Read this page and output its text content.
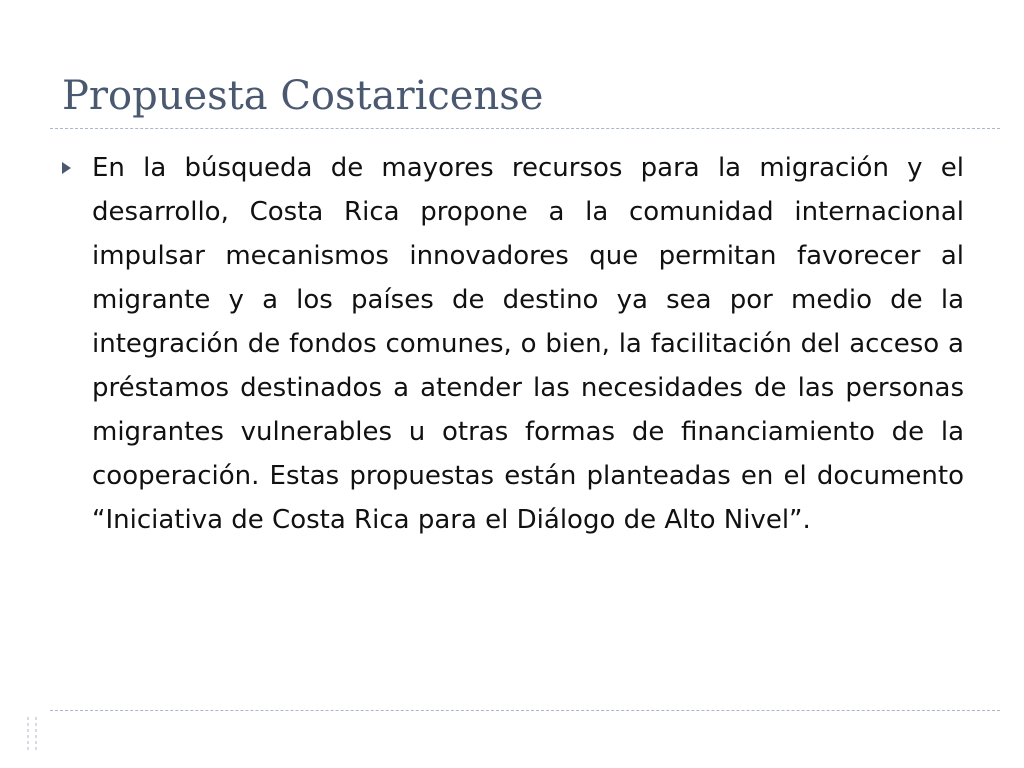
Propuesta Costaricense

En la búsqueda de mayores recursos para la migración y el desarrollo, Costa Rica propone a la comunidad internacional impulsar mecanismos innovadores que permitan favorecer al migrante y a los países de destino ya sea por medio de la integración de fondos comunes, o bien, la facilitación del acceso a préstamos destinados a atender las necesidades de las personas migrantes vulnerables u otras formas de financiamiento de la cooperación. Estas propuestas están planteadas en el documento “Iniciativa de Costa Rica para el Diálogo de Alto Nivel”.
